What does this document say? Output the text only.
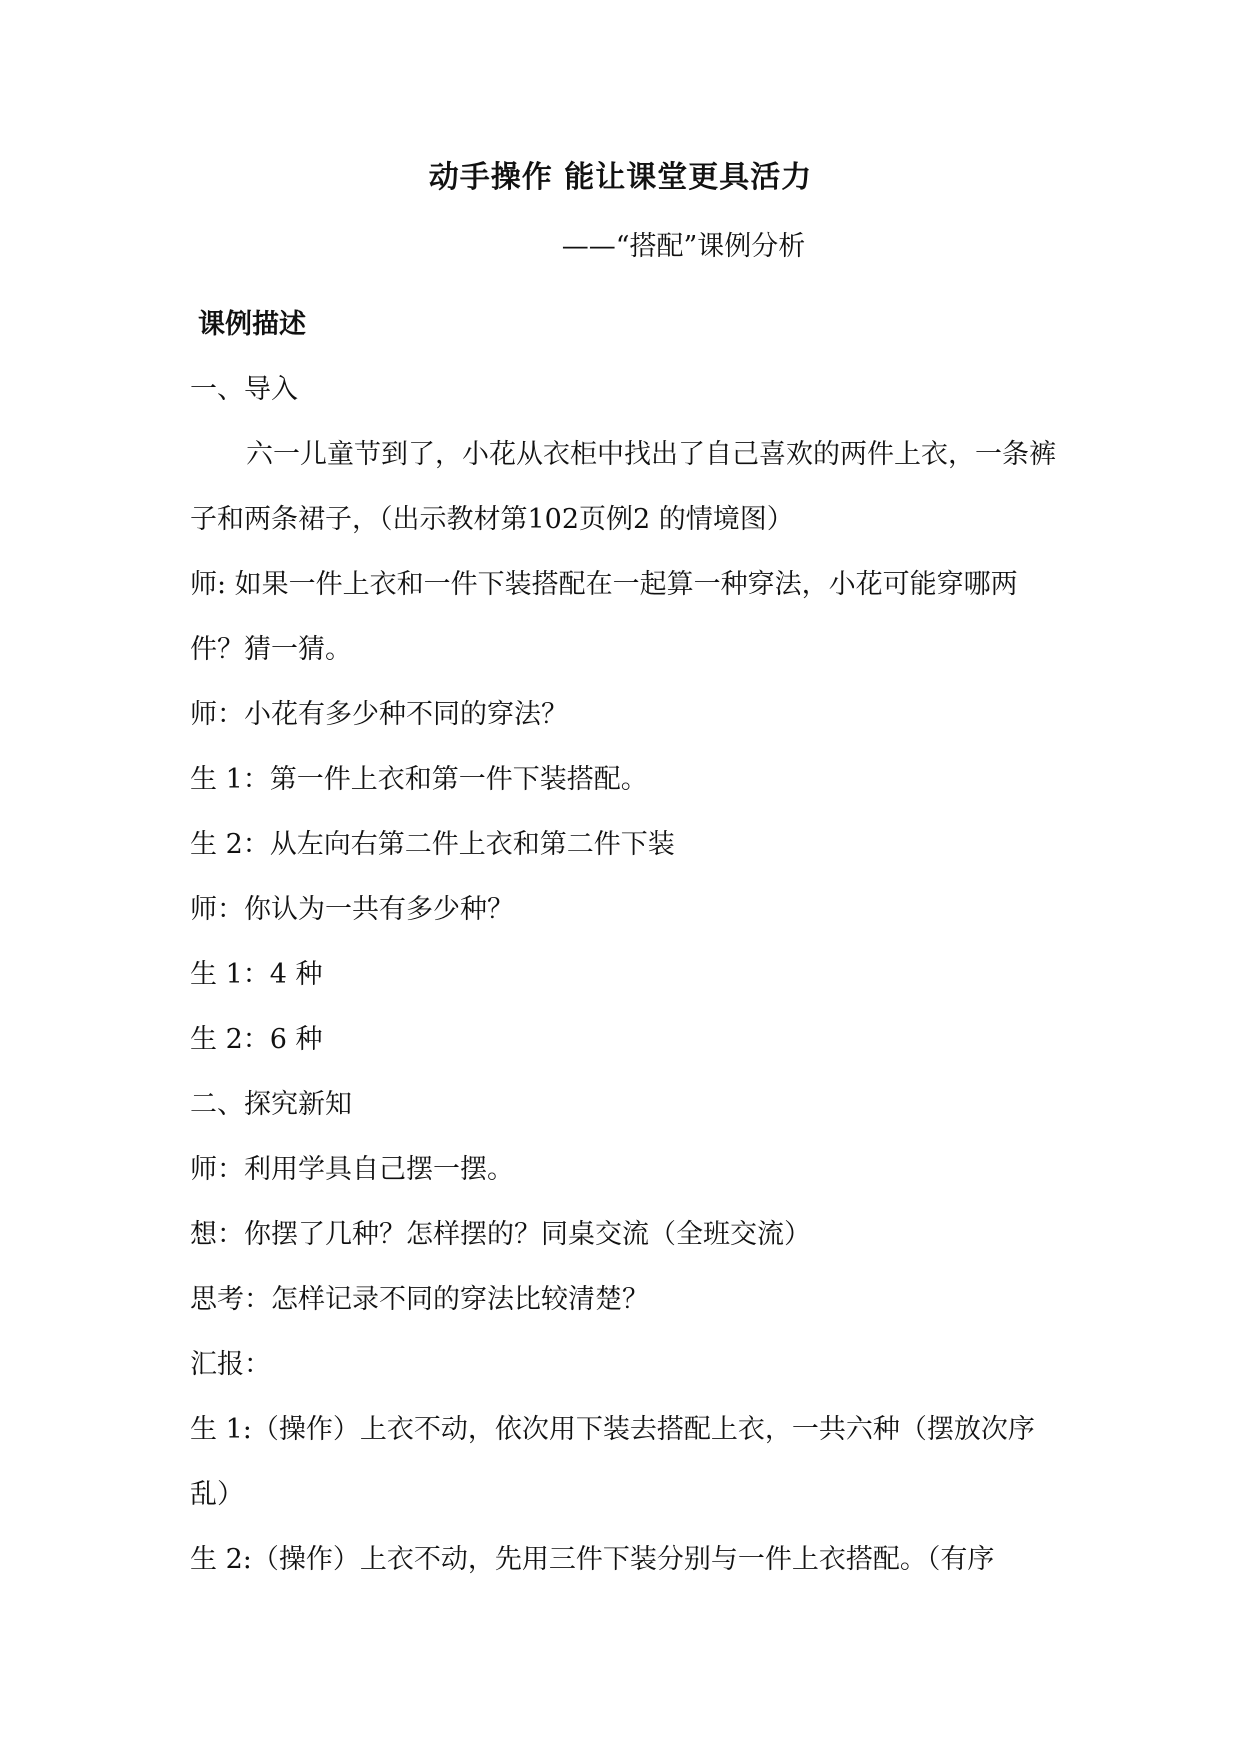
动手操作 能让课堂更具活力
——“搭配”课例分析

课例描述

一、导入

六一儿童节到了，小花从衣柜中找出了自己喜欢的两件上衣，一条裤子和两条裙子，（出示教材第102页例2 的情境图）

师: 如果一件上衣和一件下装搭配在一起算一种穿法，小花可能穿哪两件？猜一猜。

师：小花有多少种不同的穿法？

生 1：第一件上衣和第一件下装搭配。

生 2：从左向右第二件上衣和第二件下装

师：你认为一共有多少种？

生 1：4 种

生 2：6 种

二、探究新知

师：利用学具自己摆一摆。

想：你摆了几种？怎样摆的？同桌交流（全班交流）

思考：怎样记录不同的穿法比较清楚？

汇报：

生 1:（操作）上衣不动，依次用下装去搭配上衣，一共六种（摆放次序乱）

生 2:（操作）上衣不动，先用三件下装分别与一件上衣搭配。（有序
